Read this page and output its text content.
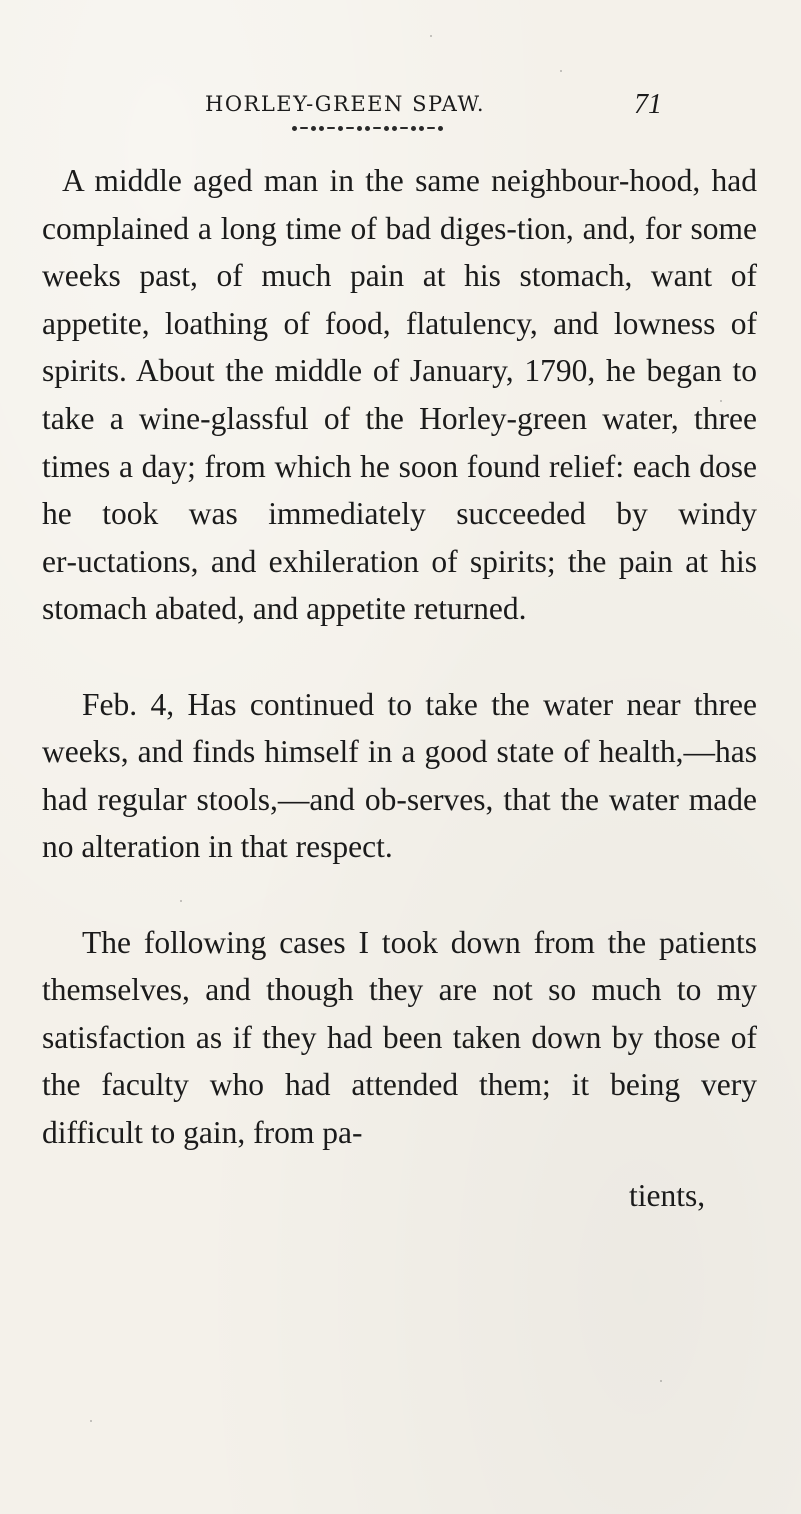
HORLEY-GREEN SPAW.	71

A middle aged man in the same neighbour‑hood, had complained a long time of bad diges‑tion, and, for some weeks past, of much pain at his stomach, want of appetite, loathing of food, flatulency, and lowness of spirits. About the middle of January, 1790, he began to take a wine‑glassful of the Horley-green water, three times a day; from which he soon found relief: each dose he took was immediately succeeded by windy er‑uctations, and exhileration of spirits; the pain at his stomach abated, and appetite returned.

Feb. 4, Has continued to take the water near three weeks, and finds himself in a good state of health,—has had regular stools,—and ob‑serves, that the water made no alteration in that respect.

The following cases I took down from the patients themselves, and though they are not so much to my satisfaction as if they had been taken down by those of the faculty who had attended them; it being very difficult to gain, from pa‑

tients,
